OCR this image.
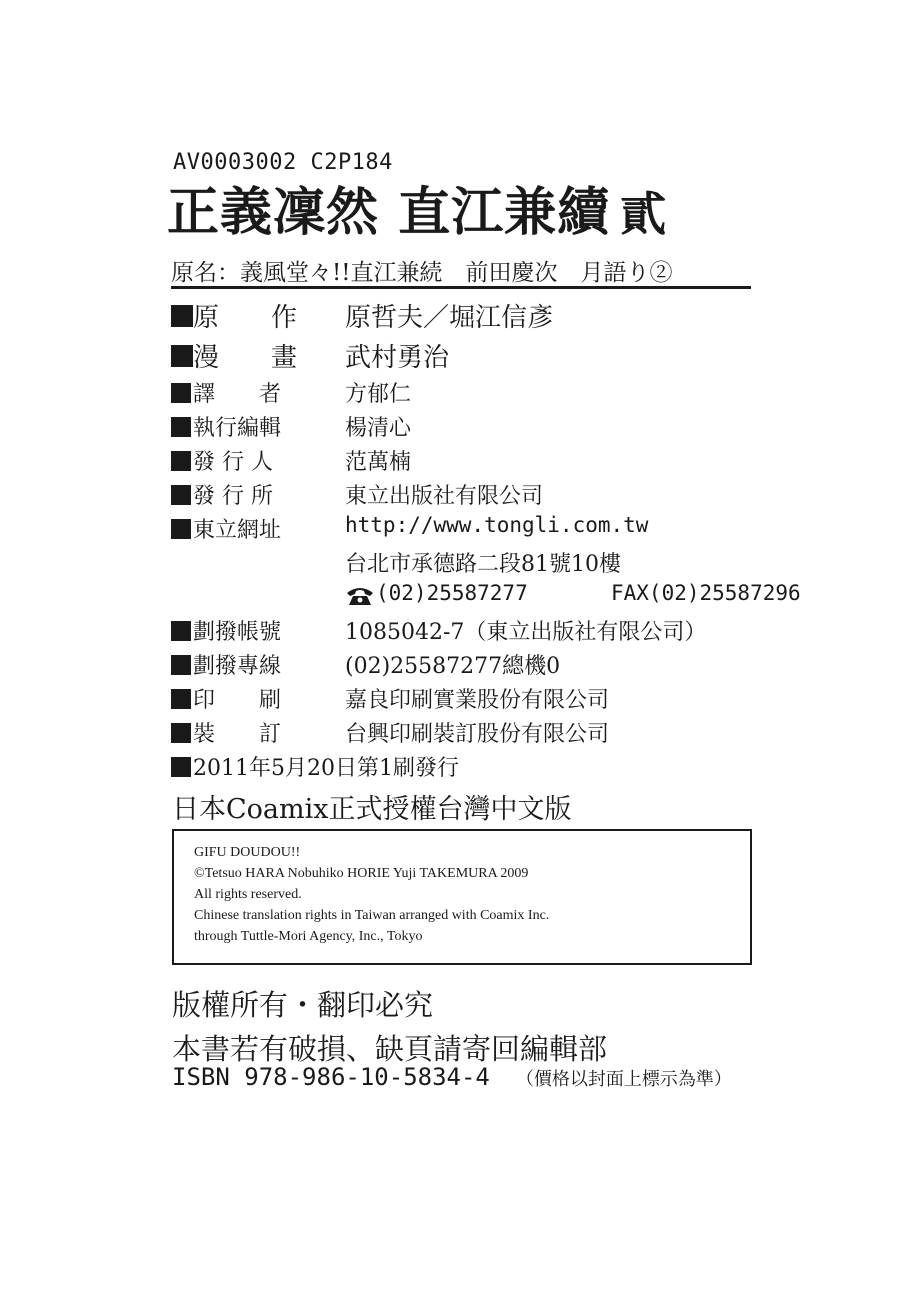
AV0003002 C2P184
正義凜然 直江兼續 貳
原名：義風堂々!!直江兼続　前田慶次　月語り②
原　　作 原哲夫／堀江信彥
漫　　畫 武村勇治
譯　　者	方郁仁
執行編輯	楊清心
發 行 人	范萬楠
發 行 所	東立出版社有限公司
東立網址	http://www.tongli.com.tw
台北市承德路二段81號10樓
(02)25587277	FAX(02)25587296
劃撥帳號	1085042-7（東立出版社有限公司）
劃撥專線	(02)25587277總機0
印　　刷	嘉良印刷實業股份有限公司
裝　　訂	台興印刷裝訂股份有限公司
2011年5月20日第1刷發行
日本Coamix正式授權台灣中文版
GIFU DOUDOU!!
©Tetsuo HARA Nobuhiko HORIE Yuji TAKEMURA 2009
All rights reserved.
Chinese translation rights in Taiwan arranged with Coamix Inc.
through Tuttle-Mori Agency, Inc., Tokyo
版權所有・翻印必究
本書若有破損、缺頁請寄回編輯部
ISBN 978-986-10-5834-4 （價格以封面上標示為準）
